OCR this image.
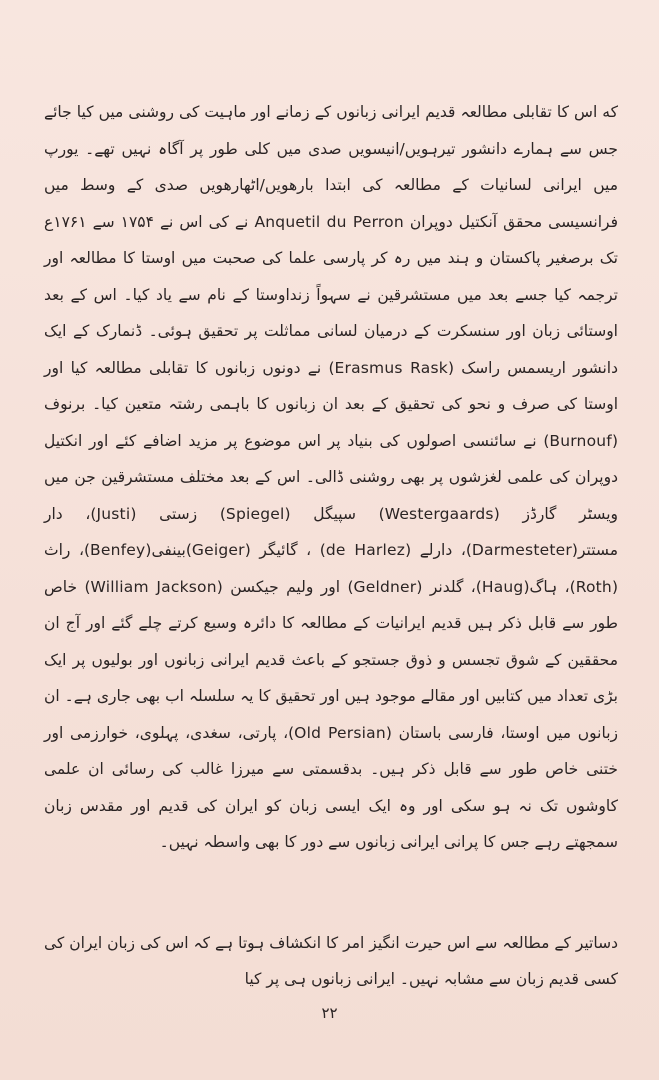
که اس کا تقابلی مطالعہ قدیم ایرانی زبانوں کے زمانے اور ماہیت کی روشنی میں کیا جائے جس سے ہمارے دانشور تیرہویں/انیسویں صدی میں کلی طور پر آگاہ نہیں تھے۔ یورپ میں ایرانی لسانیات کے مطالعہ کی ابتدا بارھویں/اٹھارھویں صدی کے وسط میں فرانسیسی محقق آنکتیل دوپران Anquetil du Perron نے کی اس نے ۱۷۵۴ سے ۱۷۶۱ع تک برصغیر پاکستان و ہند میں رہ کر پارسی علما کی صحبت میں اوستا کا مطالعہ اور ترجمہ کیا جسے بعد میں مستشرقین نے سہواً زنداوستا کے نام سے یاد کیا۔ اس کے بعد اوستائی زبان اور سنسکرت کے درمیان لسانی مماثلت پر تحقیق ہوئی۔ ڈنمارک کے ایک دانشور اریسمس راسک (Erasmus Rask) نے دونوں زبانوں کا تقابلی مطالعہ کیا اور اوستا کی صرف و نحو کی تحقیق کے بعد ان زبانوں کا باہمی رشتہ متعین کیا۔ برنوف (Burnouf) نے سائنسی اصولوں کی بنیاد پر اس موضوع پر مزید اضافے کئے اور انکتیل دوپران کی علمی لغزشوں پر بھی روشنی ڈالی۔ اس کے بعد مختلف مستشرقین جن میں ویسٹر گارڈز (Westergaards) سپیگل (Spiegel) زستی (Justi)، دار مستتر(Darmesteter)، دارلے (de Harlez) ، گائیگر (Geiger)بینفی(Benfey)، راث (Roth)، ہاگ(Haug)، گلدنر (Geldner) اور ولیم جیکسن (William Jackson) خاص طور سے قابل ذکر ہیں قدیم ایرانیات کے مطالعہ کا دائرہ وسیع کرتے چلے گئے اور آج ان محققین کے شوق تجسس و ذوق جستجو کے باعث قدیم ایرانی زبانوں اور بولیوں پر ایک بڑی تعداد میں کتابیں اور مقالے موجود ہیں اور تحقیق کا یہ سلسلہ اب بھی جاری ہے۔ ان زبانوں میں اوستا، فارسی باستان (Old Persian)، پارتی، سغدی، پہلوی، خوارزمی اور ختنی خاص طور سے قابل ذکر ہیں۔ بدقسمتی سے میرزا غالب کی رسائی ان علمی کاوشوں تک نہ ہو سکی اور وہ ایک ایسی زبان کو ایران کی قدیم اور مقدس زبان سمجھتے رہے جس کا پرانی ایرانی زبانوں سے دور کا بھی واسطہ نہیں۔

دساتیر کے مطالعہ سے اس حیرت انگیز امر کا انکشاف ہوتا ہے کہ اس کی زبان ایران کی کسی قدیم زبان سے مشابہ نہیں۔ ایرانی زبانوں ہی پر کیا

۲۲
